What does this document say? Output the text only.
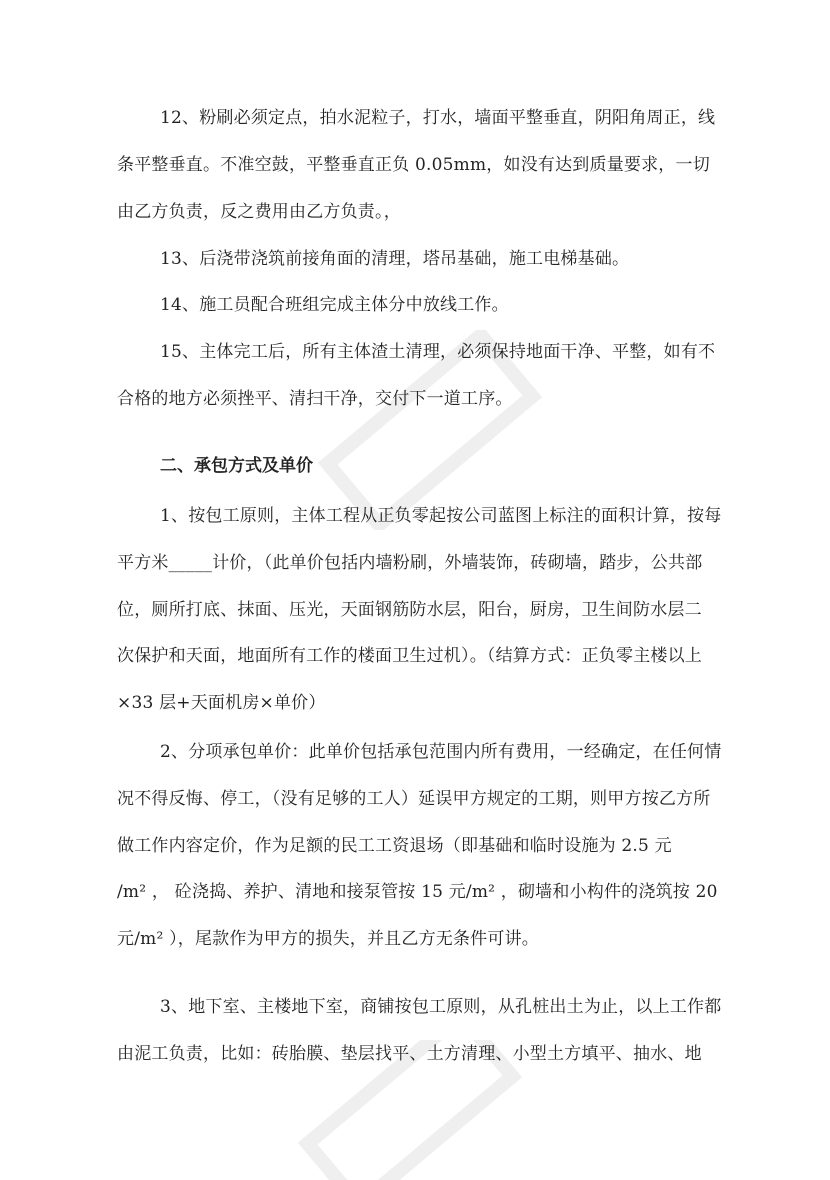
12、粉刷必须定点，拍水泥粒子，打水，墙面平整垂直，阴阳角周正，线
条平整垂直。不准空鼓，平整垂直正负 0.05mm，如没有达到质量要求，一切
由乙方负责，反之费用由乙方负责。，
13、后浇带浇筑前接角面的清理，塔吊基础，施工电梯基础。
14、施工员配合班组完成主体分中放线工作。
15、主体完工后，所有主体渣土清理，必须保持地面干净、平整，如有不
合格的地方必须挫平、清扫干净，交付下一道工序。
二、承包方式及单价
1、按包工原则，主体工程从正负零起按公司蓝图上标注的面积计算，按每
平方米_____计价，（此单价包括内墙粉刷，外墙装饰，砖砌墙，踏步，公共部
位，厕所打底、抹面、压光，天面钢筋防水层，阳台，厨房，卫生间防水层二
次保护和天面，地面所有工作的楼面卫生过机）。（结算方式：正负零主楼以上
×33 层+天面机房×单价）
2、分项承包单价：此单价包括承包范围内所有费用，一经确定，在任何情
况不得反悔、停工，（没有足够的工人）延误甲方规定的工期，则甲方按乙方所
做工作内容定价，作为足额的民工工资退场（即基础和临时设施为 2.5 元
/m² ， 砼浇捣、养护、清地和接泵管按 15 元/m² ，砌墙和小构件的浇筑按 20
元/m² ），尾款作为甲方的损失，并且乙方无条件可讲。
3、地下室、主楼地下室，商铺按包工原则，从孔桩出土为止，以上工作都
由泥工负责，比如：砖胎膜、垫层找平、土方清理、小型土方填平、抽水、地
